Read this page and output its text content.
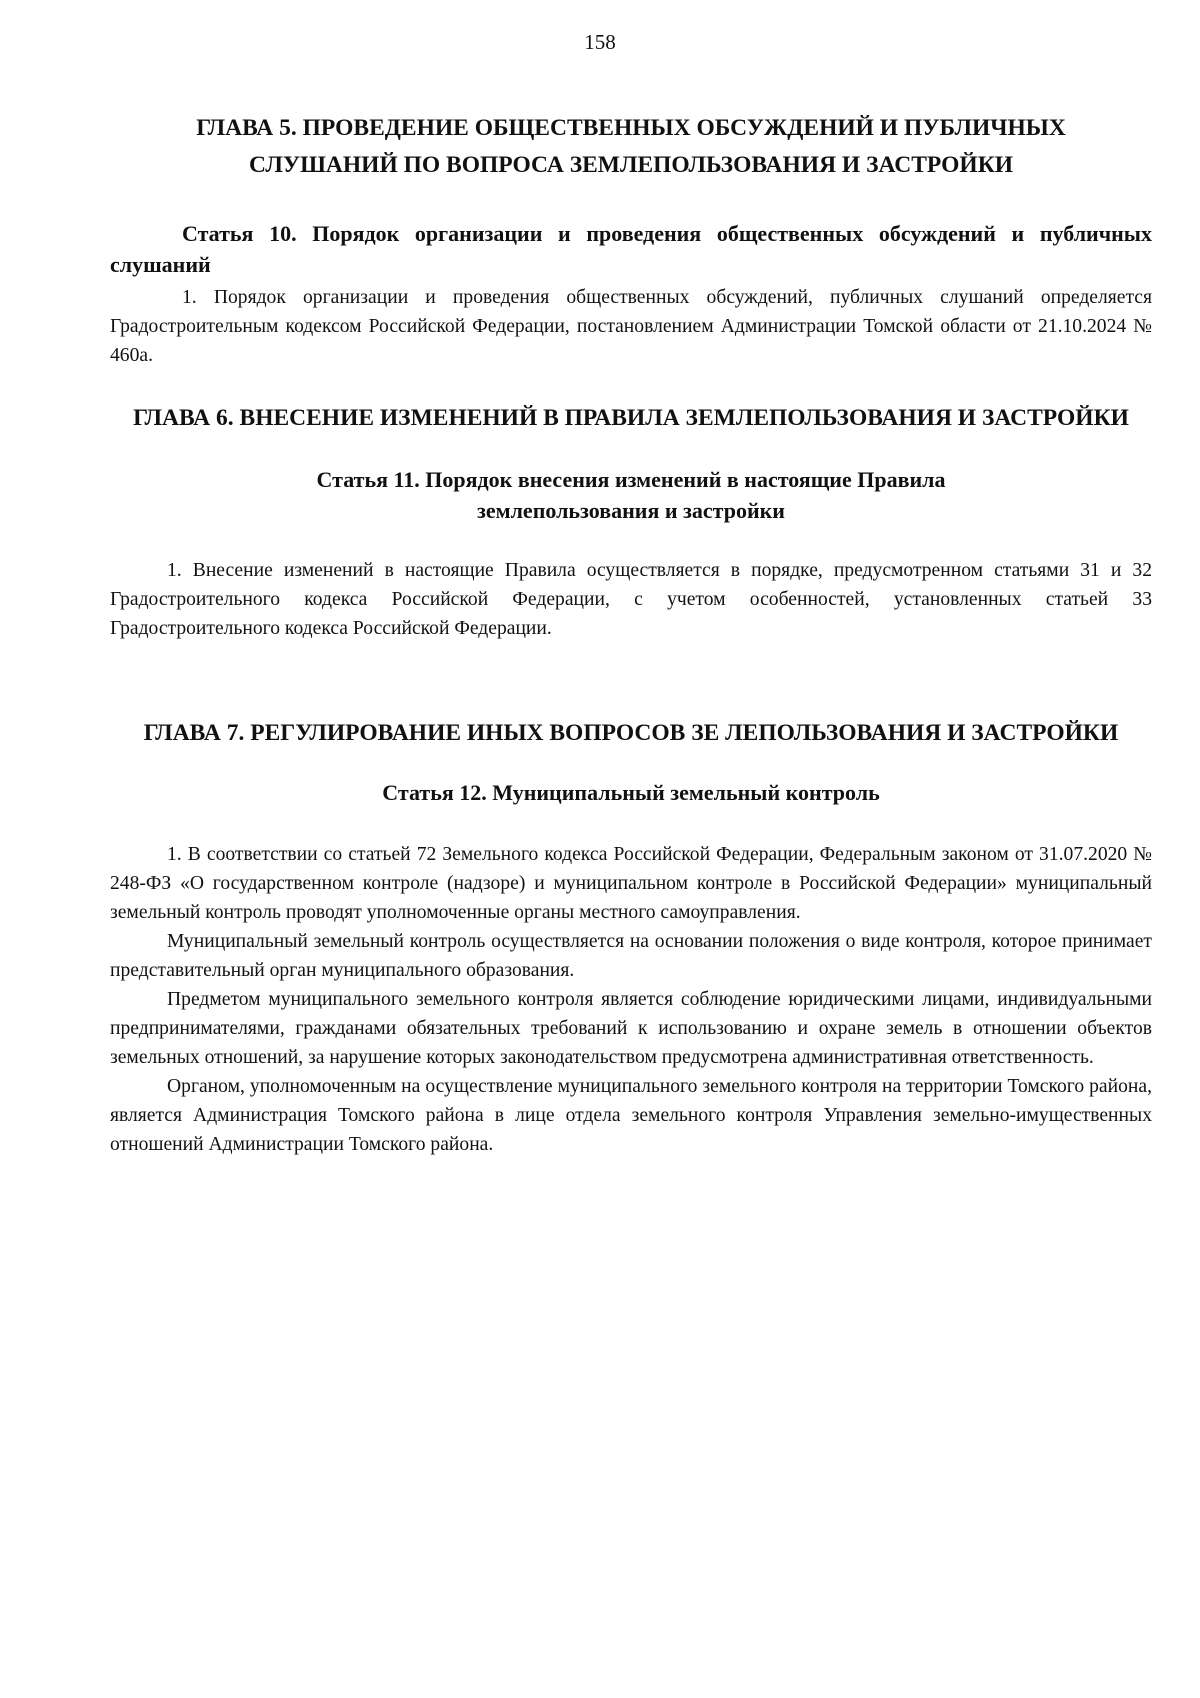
158
ГЛАВА 5. ПРОВЕДЕНИЕ ОБЩЕСТВЕННЫХ ОБСУЖДЕНИЙ И ПУБЛИЧНЫХ СЛУШАНИЙ ПО ВОПРОСА ЗЕМЛЕПОЛЬЗОВАНИЯ И ЗАСТРОЙКИ
Статья 10. Порядок организации и проведения общественных обсуждений и публичных слушаний

1. Порядок организации и проведения общественных обсуждений, публичных слушаний определяется Градостроительным кодексом Российской Федерации, постановлением Администрации Томской области от 21.10.2024 № 460а.

ГЛАВА 6. ВНЕСЕНИЕ ИЗМЕНЕНИЙ В ПРАВИЛА ЗЕМЛЕПОЛЬЗОВАНИЯ И ЗАСТРОЙКИ
Статья 11. Порядок внесения изменений в настоящие Правила
землепользования и застройки

1. Внесение изменений в настоящие Правила осуществляется в порядке, предусмотренном статьями 31 и 32 Градостроительного кодекса Российской Федерации, с учетом особенностей, установленных статьей 33 Градостроительного кодекса Российской Федерации.

ГЛАВА 7. РЕГУЛИРОВАНИЕ ИНЫХ ВОПРОСОВ ЗЕ ЛЕПОЛЬЗОВАНИЯ И ЗАСТРОЙКИ
Статья 12. Муниципальный земельный контроль

1. В соответствии со статьей 72 Земельного кодекса Российской Федерации, Федеральным законом от 31.07.2020 № 248-ФЗ «О государственном контроле (надзоре) и муниципальном контроле в Российской Федерации» муниципальный земельный контроль проводят уполномоченные органы местного самоуправления.

Муниципальный земельный контроль осуществляется на основании положения о виде контроля, которое принимает представительный орган муниципального образования.

Предметом муниципального земельного контроля является соблюдение юридическими лицами, индивидуальными предпринимателями, гражданами обязательных требований к использованию и охране земель в отношении объектов земельных отношений, за нарушение которых законодательством предусмотрена административная ответственность.

Органом, уполномоченным на осуществление муниципального земельного контроля на территории Томского района, является Администрация Томского района в лице отдела земельного контроля Управления земельно-имущественных отношений Администрации Томского района.
